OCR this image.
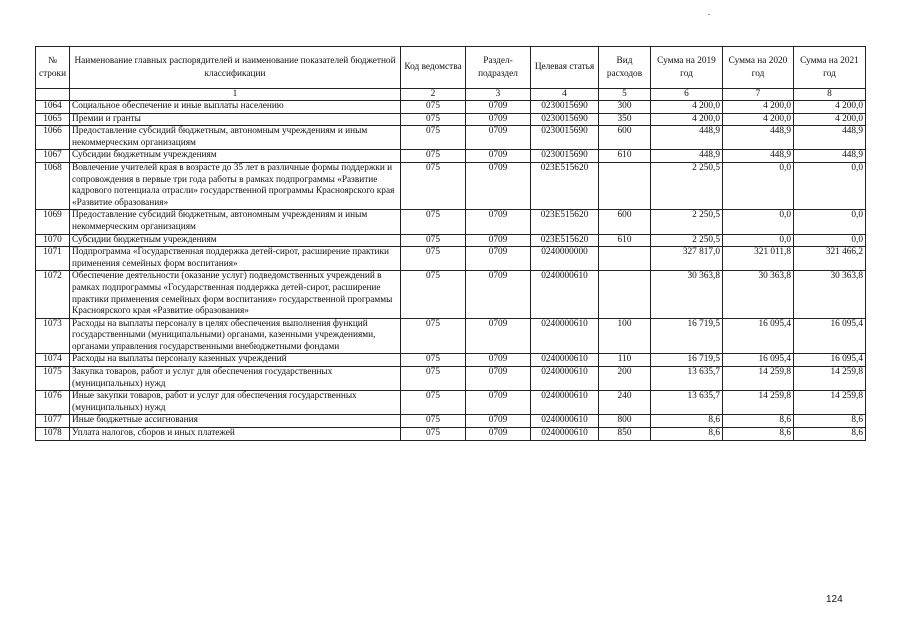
№ строки	Наименование главных распорядителей и наименование показателей бюджетной классификации	Код ведомства	Раздел-подраздел	Целевая статья	Вид расходов	Сумма на 2019 год	Сумма на 2020 год	Сумма на 2021 год
	1	2	3	4	5	6	7	8
1064	Социальное обеспечение и иные выплаты населению	075	0709	0230015690	300	4 200,0	4 200,0	4 200,0
1065	Премии и гранты	075	0709	0230015690	350	4 200,0	4 200,0	4 200,0
1066	Предоставление субсидий бюджетным, автономным учреждениям и иным некоммерческим организациям	075	0709	0230015690	600	448,9	448,9	448,9
1067	Субсидии бюджетным учреждениям	075	0709	0230015690	610	448,9	448,9	448,9
1068	Вовлечение учителей края в возрасте до 35 лет в различные формы поддержки и сопровождения в первые три года работы в рамках подпрограммы «Развитие кадрового потенциала отрасли» государственной программы Красноярского края «Развитие образования»	075	0709	023E515620		2 250,5	0,0	0,0
1069	Предоставление субсидий бюджетным, автономным учреждениям и иным некоммерческим организациям	075	0709	023E515620	600	2 250,5	0,0	0,0
1070	Субсидии бюджетным учреждениям	075	0709	023E515620	610	2 250,5	0,0	0,0
1071	Подпрограмма «Государственная поддержка детей-сирот, расширение практики применения семейных форм воспитания»	075	0709	0240000000		327 817,0	321 011,8	321 466,2
1072	Обеспечение деятельности (оказание услуг) подведомственных учреждений в рамках подпрограммы «Государственная поддержка детей-сирот, расширение практики применения семейных форм воспитания» государственной программы Красноярского края «Развитие образования»	075	0709	0240000610		30 363,8	30 363,8	30 363,8
1073	Расходы на выплаты персоналу в целях обеспечения выполнения функций государственными (муниципальными) органами, казенными учреждениями, органами управления государственными внебюджетными фондами	075	0709	0240000610	100	16 719,5	16 095,4	16 095,4
1074	Расходы на выплаты персоналу казенных учреждений	075	0709	0240000610	110	16 719,5	16 095,4	16 095,4
1075	Закупка товаров, работ и услуг для обеспечения государственных (муниципальных) нужд	075	0709	0240000610	200	13 635,7	14 259,8	14 259,8
1076	Иные закупки товаров, работ и услуг для обеспечения государственных (муниципальных) нужд	075	0709	0240000610	240	13 635,7	14 259,8	14 259,8
1077	Иные бюджетные ассигнования	075	0709	0240000610	800	8,6	8,6	8,6
1078	Уплата налогов, сборов и иных платежей	075	0709	0240000610	850	8,6	8,6	8,6
124
